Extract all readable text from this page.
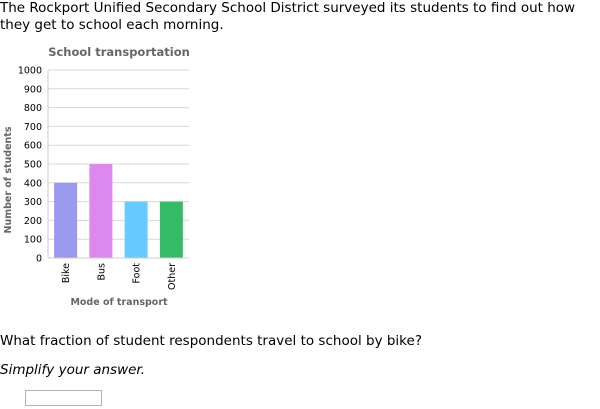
The Rockport Unified Secondary School District surveyed its students to find out how they get to school each morning.

School transportation
0
100
200
300
400
500
600
700
800
900
1000
Bike	Bus	Foot	Other
Number of students
Mode of transport

What fraction of student respondents travel to school by bike?

Simplify your answer.
